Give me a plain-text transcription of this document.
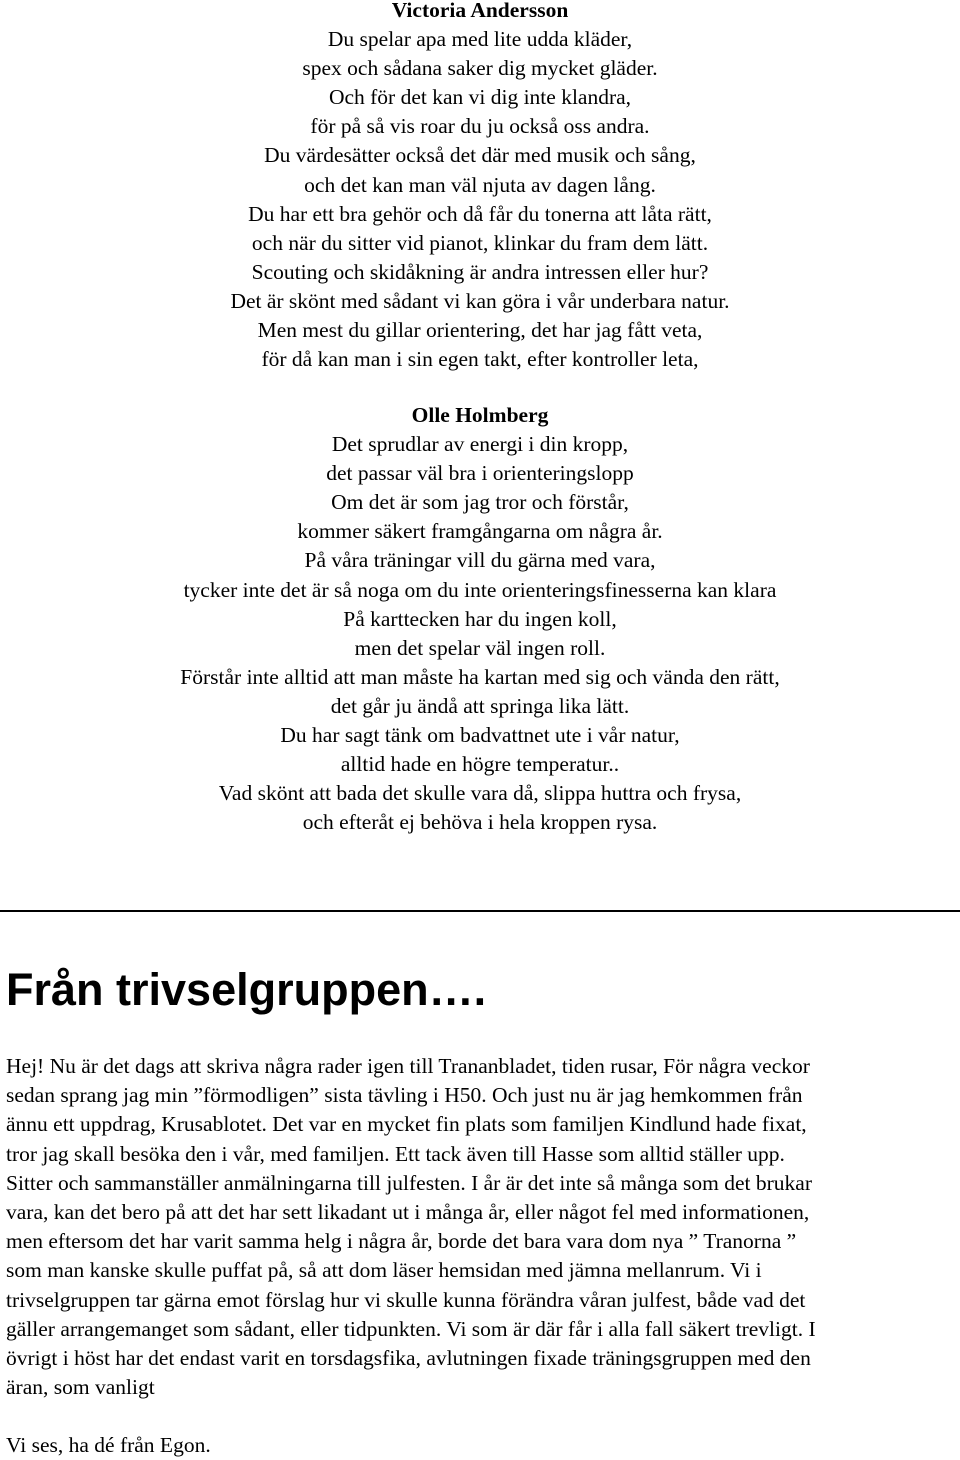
Victoria Andersson
Du spelar apa med lite udda kläder,
spex och sådana saker dig mycket gläder.
Och för det kan vi dig inte klandra,
för på så vis roar du ju också oss andra.
Du värdesätter också det där med musik och sång,
och det kan man väl njuta av dagen lång.
Du har ett bra gehör och då får du tonerna att låta rätt,
och när du sitter vid pianot, klinkar du fram dem lätt.
Scouting och skidåkning är andra intressen eller hur?
Det är skönt med sådant vi kan göra i vår underbara natur.
Men mest du gillar orientering, det har jag fått veta,
för då kan man i sin egen takt, efter kontroller leta,
Olle Holmberg
Det sprudlar av energi i din kropp,
det passar väl bra i orienteringslopp
Om det är som jag tror och förstår,
kommer säkert framgångarna om några år.
På våra träningar vill du gärna med vara,
tycker inte det är så noga om du inte orienteringsfinesserna kan klara
På karttecken har du ingen koll,
men det spelar väl ingen roll.
Förstår inte alltid att man måste ha kartan med sig och vända den rätt,
det går ju ändå att springa lika lätt.
Du har sagt tänk om badvattnet ute i vår natur,
alltid hade en högre temperatur..
Vad skönt att bada det skulle vara då, slippa huttra och frysa,
och efteråt ej behöva i hela kroppen rysa.
Från trivselgruppen….

Hej! Nu är det dags att skriva några rader igen till Trananbladet, tiden rusar, För några veckor
sedan sprang jag min ”förmodligen” sista tävling i H50. Och just nu är jag hemkommen från
ännu ett uppdrag, Krusablotet. Det var en mycket fin plats som familjen Kindlund hade fixat,
tror jag skall besöka den i vår, med familjen. Ett tack även till Hasse som alltid ställer upp.
Sitter och sammanställer anmälningarna till julfesten. I år är det inte så många som det brukar
vara, kan det bero på att det har sett likadant ut i många år, eller något fel med informationen,
men eftersom det har varit samma helg i några år, borde det bara vara dom nya ” Tranorna ”
som man kanske skulle puffat på, så att dom läser hemsidan med jämna mellanrum. Vi i
trivselgruppen tar gärna emot förslag hur vi skulle kunna förändra våran julfest, både vad det
gäller arrangemanget som sådant, eller tidpunkten. Vi som är där får i alla fall säkert trevligt. I
övrigt i höst har det endast varit en torsdagsfika, avlutningen fixade träningsgruppen med den
äran, som vanligt

Vi ses, ha dé från Egon.
